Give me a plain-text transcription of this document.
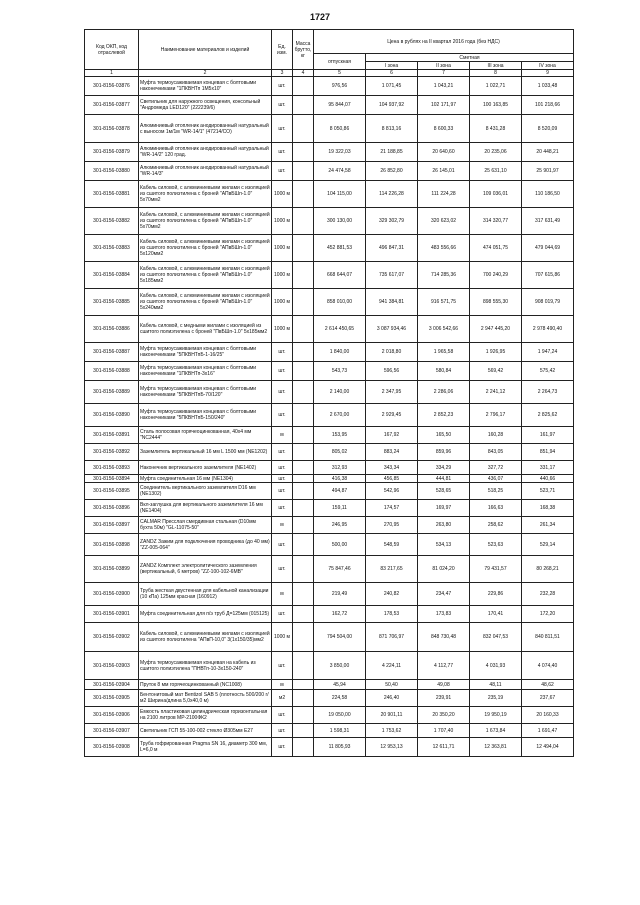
1727
Код ОКП, код отраслевой	Наименование материалов и изделий	Ед. изм.	Масса брутто, кг	Цена в рублях на II квартал 2016 года (без НДС)				
				отпускная	Сметная			
					I зона	II зона	III зона	IV зона
1	2	3	4	5	6	7	8	9
301-8156-03876	Муфта термоусаживаемая концевая с болтовыми наконечниками "1ПКВНТп 1М5х10"	шт.		976,56	1 071,45	1 043,21	1 022,71	1 033,48
301-8156-03877	Светильник для наружного освещения, консольный "Андромеда LED120" (222239/6)	шт.		95 844,07	104 937,92	102 171,97	100 163,85	101 218,66
301-8156-03878	Алюминиевый отопленик анодированный натуральный с выносом 1м/1м "WR-14/1" (47214/СО)	шт.		8 050,86	8 813,16	8 600,33	8 431,28	8 520,09
301-8156-03879	Алюминиевый отопленик анодированный натуральный "WR-14/2" 120 град.	шт.		19 322,03	21 188,85	20 640,60	20 235,06	20 448,21
301-8156-03880	Алюминиевый отопленик анодированный натуральный "WR-14/3"	шт.		24 474,58	26 852,80	26 145,01	25 631,10	25 901,97
301-8156-03881	Кабель силовой, с алюминиевыми жилами с изоляцией из сшитого полиэтилена с броней "АПвБШп-1.0" 5х70мм2	1000 м		104 115,00	114 226,28	111 224,28	109 036,01	110 186,50
301-8156-03882	Кабель силовой, с алюминиевыми жилами с изоляцией из сшитого полиэтилена с броней "АПвБШп-1.0" 5х70мм2	1000 м		300 130,00	329 302,79	320 623,02	314 320,77	317 631,49
301-8156-03883	Кабель силовой, с алюминиевыми жилами с изоляцией из сшитого полиэтилена с броней "АПвБШп-1.0" 5х120мм2	1000 м		452 881,53	496 847,31	483 556,66	474 051,75	479 044,69
301-8156-03884	Кабель силовой, с алюминиевыми жилами с изоляцией из сшитого полиэтилена с броней "АПвБШп-1.0" 5х185мм2	1000 м		668 644,07	735 617,07	714 285,36	700 240,29	707 615,86
301-8156-03885	Кабель силовой, с алюминиевыми жилами с изоляцией из сшитого полиэтилена с броней "АПвБШп-1.0" 5х240мм2	1000 м		858 010,00	941 384,81	916 571,75	898 555,30	908 019,79
301-8156-03886	Кабель силовой, с медными жилами с изоляцией из сшитого полиэтилена с броней "ПвБШп-1.0" 5х185мм2	1000 м		2 614 450,65	3 087 934,46	3 006 542,66	2 947 445,20	2 978 490,40
301-8156-03887	Муфта термоусаживаемая концевая с болтовыми наконечниками "5ПКВНТпБ-1-16/25"	шт.		1 840,00	2 018,80	1 965,58	1 926,95	1 947,24
301-8156-03888	Муфта термоусаживаемая концевая с болтовыми наконечниками "1ПКВНТп-3х16"	шт.		543,73	596,56	580,84	569,42	575,42
301-8156-03889	Муфта термоусаживаемая концевая с болтовыми наконечниками "5ПКВНТпБ-70/120"	шт.		2 140,00	2 347,95	2 286,06	2 241,12	2 264,73
301-8156-03890	Муфта термоусаживаемая концевая с болтовыми наконечниками "5ПКВНТпБ-150/240"	шт.		2 670,00	2 929,45	2 852,23	2 796,17	2 825,62
301-8156-03891	Сталь полосовая горячеоцинкованная, 40х4 мм "NC2444"	м		153,95	167,92	165,50	160,28	161,97
301-8156-03892	Заземлитель вертикальный 16 мм L 1500 мм (NE1202)	шт.		805,02	883,24	859,96	843,05	851,94
301-8156-03893	Наконечник вертикального заземлителя (NE1402)	шт.		312,93	343,34	334,29	327,72	331,17
301-8156-03894	Муфта соединительная 16 мм (NE1304)	шт.		416,38	456,85	444,81	436,07	440,66
301-8156-03895	Соединитель вертикального заземлителя D16 мм (NE1302)	шт.		494,87	542,96	528,65	518,25	523,71
301-8156-03896	Вкл-заглушка для вертикального заземлителя 16 мм (NE1404)	шт.		159,11	174,57	169,97	166,63	168,38
301-8156-03897	CALMAR Пресслая смердивная стальная (D10мм бухта 50м) "GL-11075-50"	м		246,95	270,95	263,80	258,62	261,34
301-8156-03898	ZANDZ Зажим для подключения проводника (до 40 мм) "ZZ-005-064"	шт.		500,00	548,59	534,13	523,63	529,14
301-8156-03899	ZANDZ Комплект электролитического заземления (вертикальный, 6 метров) "ZZ-100-102-6MB"	шт.		75 847,46	83 217,65	81 024,20	79 431,57	80 268,21
301-8156-03900	Труба жесткая двустенная для кабельной канализации (10 кПа) 125мм красная (160912)	м		219,49	240,82	234,47	229,86	232,28
301-8156-03901	Муфта соединительная для п/э труб Д=125мм (015125)	шт.		162,72	178,53	173,83	170,41	172,20
301-8156-03902	Кабель силовой, с алюминиевыми жилами с изоляцией из сшитого полиэтилена "АПвП-10,0" 3(1х150/35)мм2	1000 м		794 504,00	871 706,97	848 730,48	832 047,53	840 811,51
301-8156-03903	Муфта термоусаживаемая концевая на кабель из сшитого полиэтилена "ПНВТп-10-3х150-240"	шт.		3 850,00	4 224,11	4 112,77	4 031,93	4 074,40
301-8156-03904	Пруток 8 мм горячеоцинкованный (NC1008)	м		45,94	50,40	49,08	48,11	48,62
301-8156-03905	Бентонитовый мат Bentizol SAB 5 (плотность 500/200 г/м2 Ширина/длина 5,0х40,0 м)	м2		224,58	246,40	239,91	235,19	237,67
301-8156-03906	Емкость пластиковая цилиндрическая горизонтальная на 2100 литров МР-2100ФК2	шт.		19 050,00	20 901,11	20 350,20	19 950,19	20 160,33
301-8156-03907	Светильник ГСП 55-100-002 стекло Ø305мм Е27	шт.		1 598,31	1 753,62	1 707,40	1 673,84	1 691,47
301-8156-03908	Труба гофрированная Pragma SN 16, диаметр 300 мм, L=6,0 м	шт.		11 805,93	12 953,13	12 611,71	12 363,81	12 494,04
